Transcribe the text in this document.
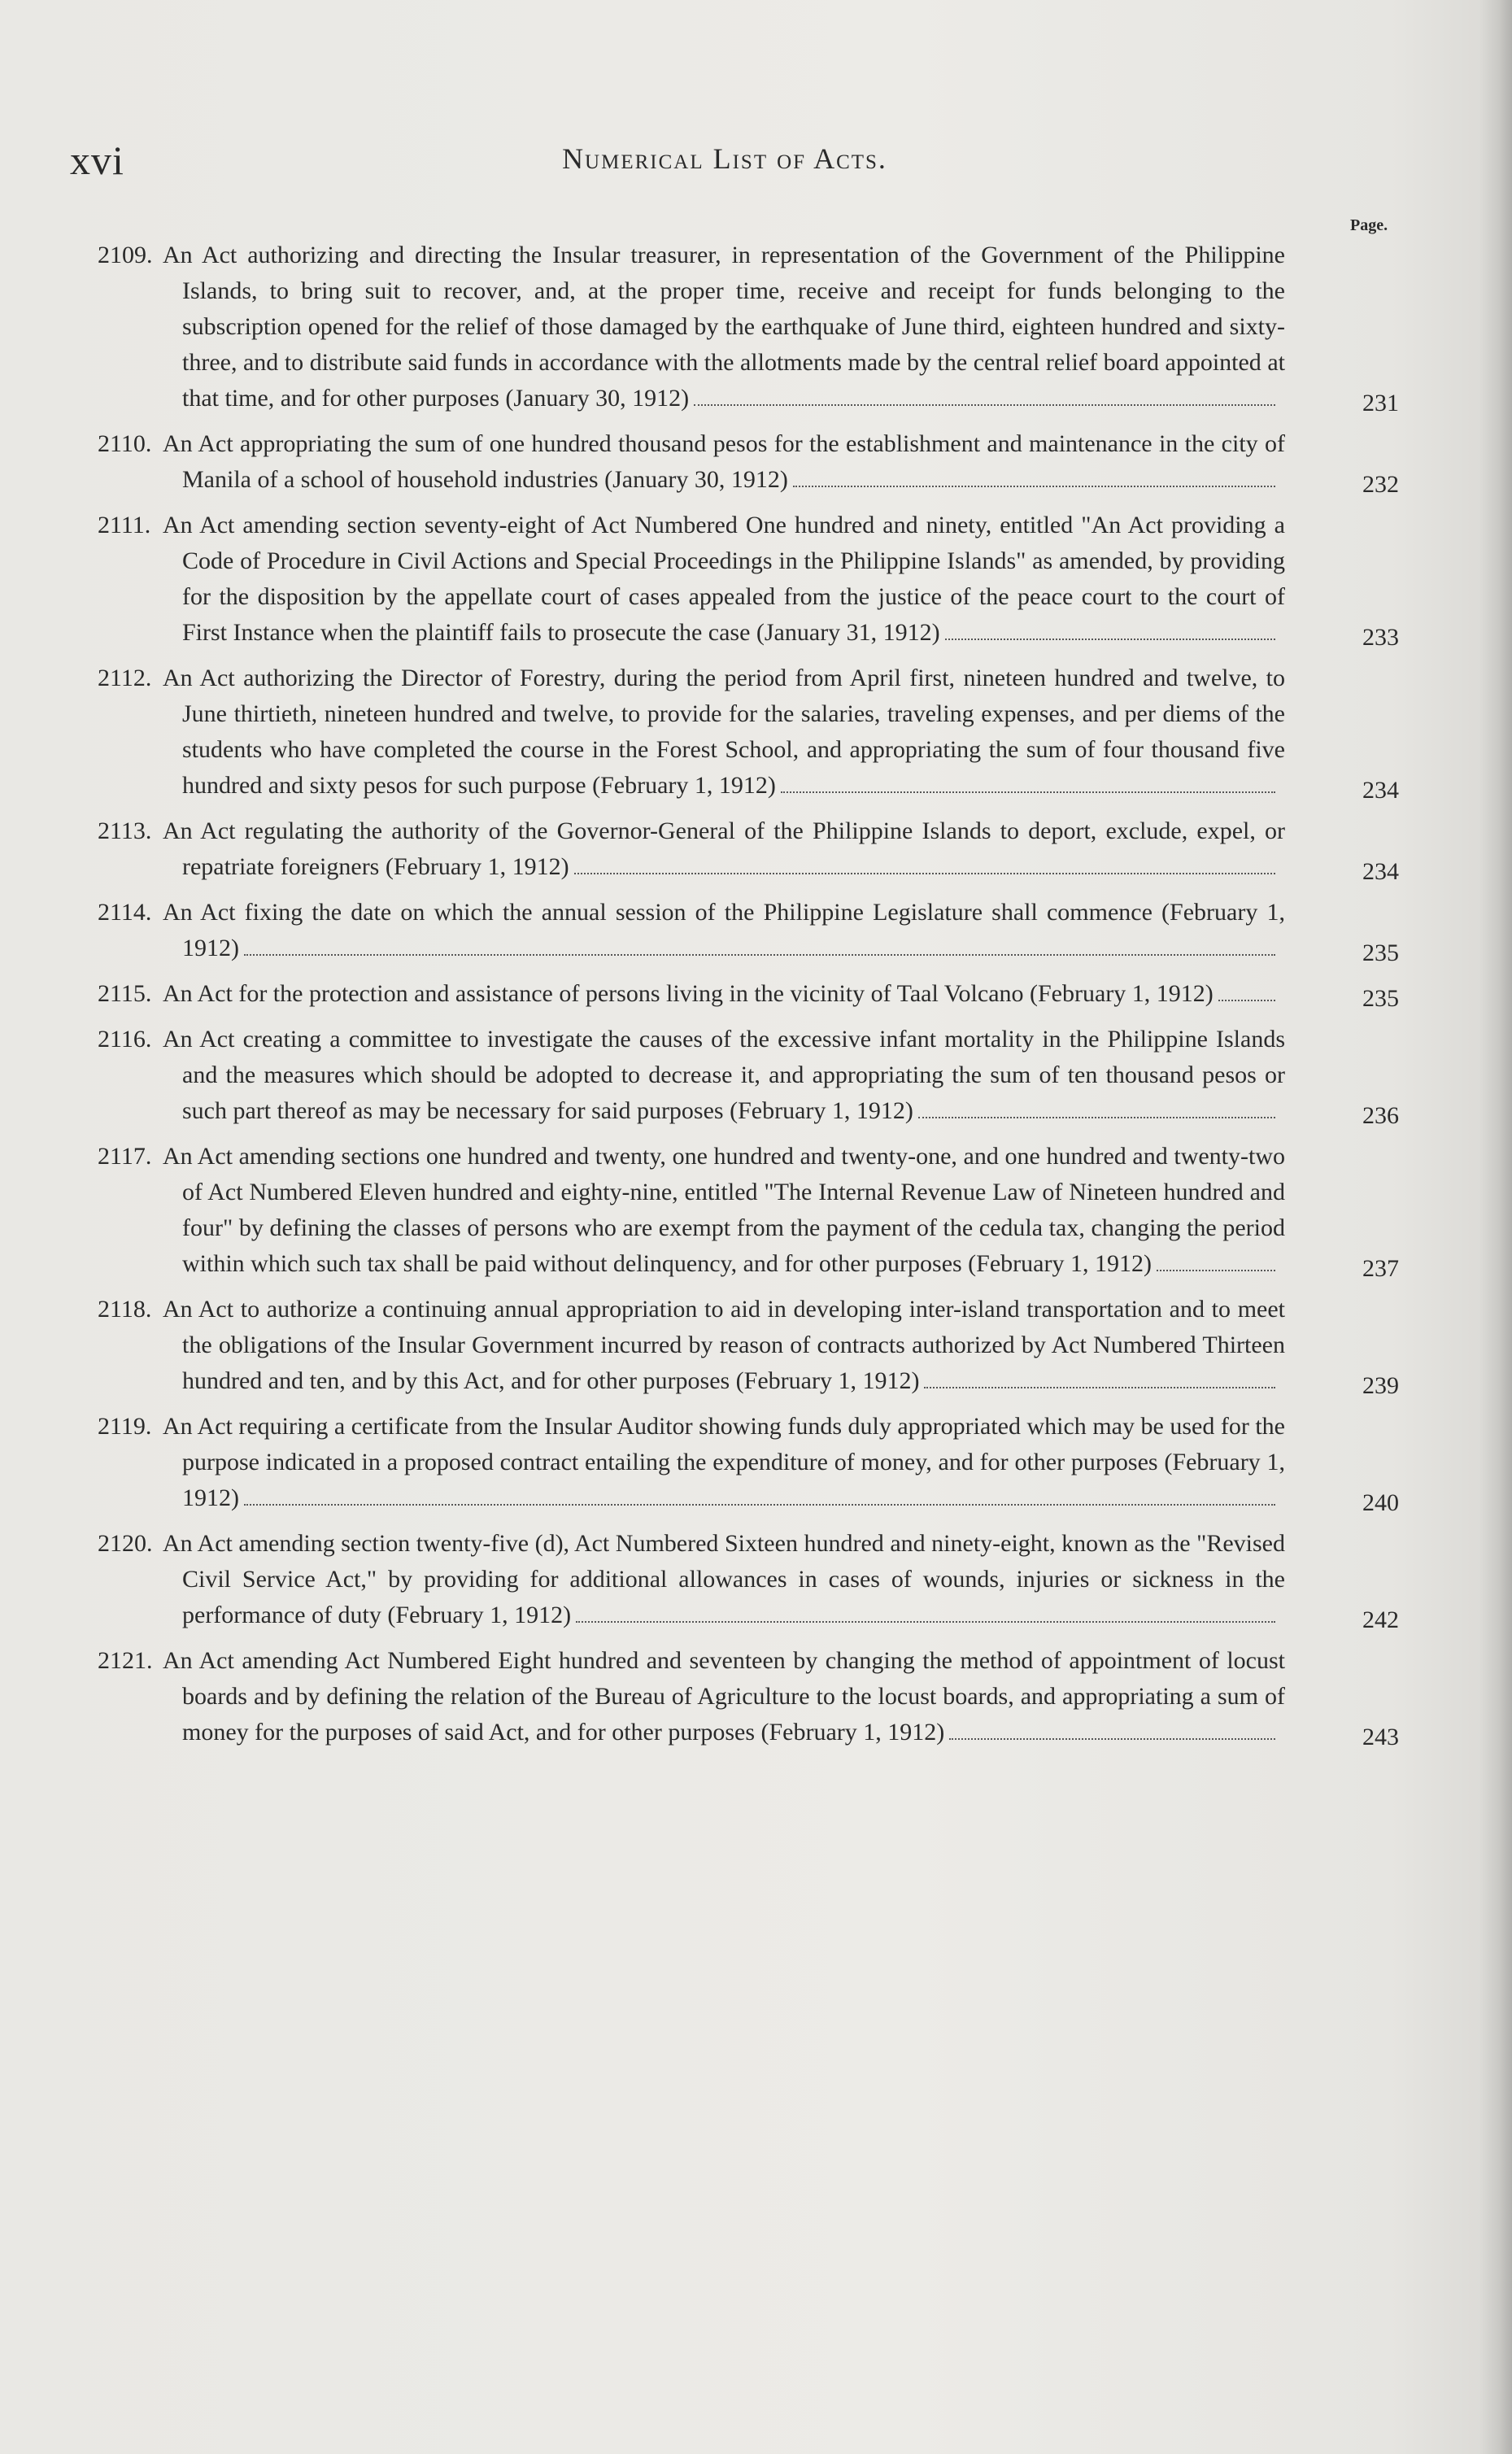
xvi	Numerical List of Acts.
Page.
2109. An Act authorizing and directing the Insular treasurer, in representation of the Government of the Philippine Islands, to bring suit to recover, and, at the proper time, receive and receipt for funds belonging to the subscription opened for the relief of those damaged by the earthquake of June third, eighteen hundred and sixty-three, and to distribute said funds in accordance with the allotments made by the central relief board appointed at that time, and for other purposes (January 30, 1912)	231
2110. An Act appropriating the sum of one hundred thousand pesos for the establishment and maintenance in the city of Manila of a school of household industries (January 30, 1912)	232
2111. An Act amending section seventy-eight of Act Numbered One hundred and ninety, entitled "An Act providing a Code of Procedure in Civil Actions and Special Proceedings in the Philippine Islands" as amended, by providing for the disposition by the appellate court of cases appealed from the justice of the peace court to the court of First Instance when the plaintiff fails to prosecute the case (January 31, 1912)	233
2112. An Act authorizing the Director of Forestry, during the period from April first, nineteen hundred and twelve, to June thirtieth, nineteen hundred and twelve, to provide for the salaries, traveling expenses, and per diems of the students who have completed the course in the Forest School, and appropriating the sum of four thousand five hundred and sixty pesos for such purpose (February 1, 1912)	234
2113. An Act regulating the authority of the Governor-General of the Philippine Islands to deport, exclude, expel, or repatriate foreigners (February 1, 1912)	234
2114. An Act fixing the date on which the annual session of the Philippine Legislature shall commence (February 1, 1912)	235
2115. An Act for the protection and assistance of persons living in the vicinity of Taal Volcano (February 1, 1912)	235
2116. An Act creating a committee to investigate the causes of the excessive infant mortality in the Philippine Islands and the measures which should be adopted to decrease it, and appropriating the sum of ten thousand pesos or such part thereof as may be necessary for said purposes (February 1, 1912)	236
2117. An Act amending sections one hundred and twenty, one hundred and twenty-one, and one hundred and twenty-two of Act Numbered Eleven hundred and eighty-nine, entitled "The Internal Revenue Law of Nineteen hundred and four" by defining the classes of persons who are exempt from the payment of the cedula tax, changing the period within which such tax shall be paid without delinquency, and for other purposes (February 1, 1912)	237
2118. An Act to authorize a continuing annual appropriation to aid in developing inter-island transportation and to meet the obligations of the Insular Government incurred by reason of contracts authorized by Act Numbered Thirteen hundred and ten, and by this Act, and for other purposes (February 1, 1912)	239
2119. An Act requiring a certificate from the Insular Auditor showing funds duly appropriated which may be used for the purpose indicated in a proposed contract entailing the expenditure of money, and for other purposes (February 1, 1912)	240
2120. An Act amending section twenty-five (d), Act Numbered Sixteen hundred and ninety-eight, known as the "Revised Civil Service Act," by providing for additional allowances in cases of wounds, injuries or sickness in the performance of duty (February 1, 1912)	242
2121. An Act amending Act Numbered Eight hundred and seventeen by changing the method of appointment of locust boards and by defining the relation of the Bureau of Agriculture to the locust boards, and appropriating a sum of money for the purposes of said Act, and for other purposes (February 1, 1912)	243
